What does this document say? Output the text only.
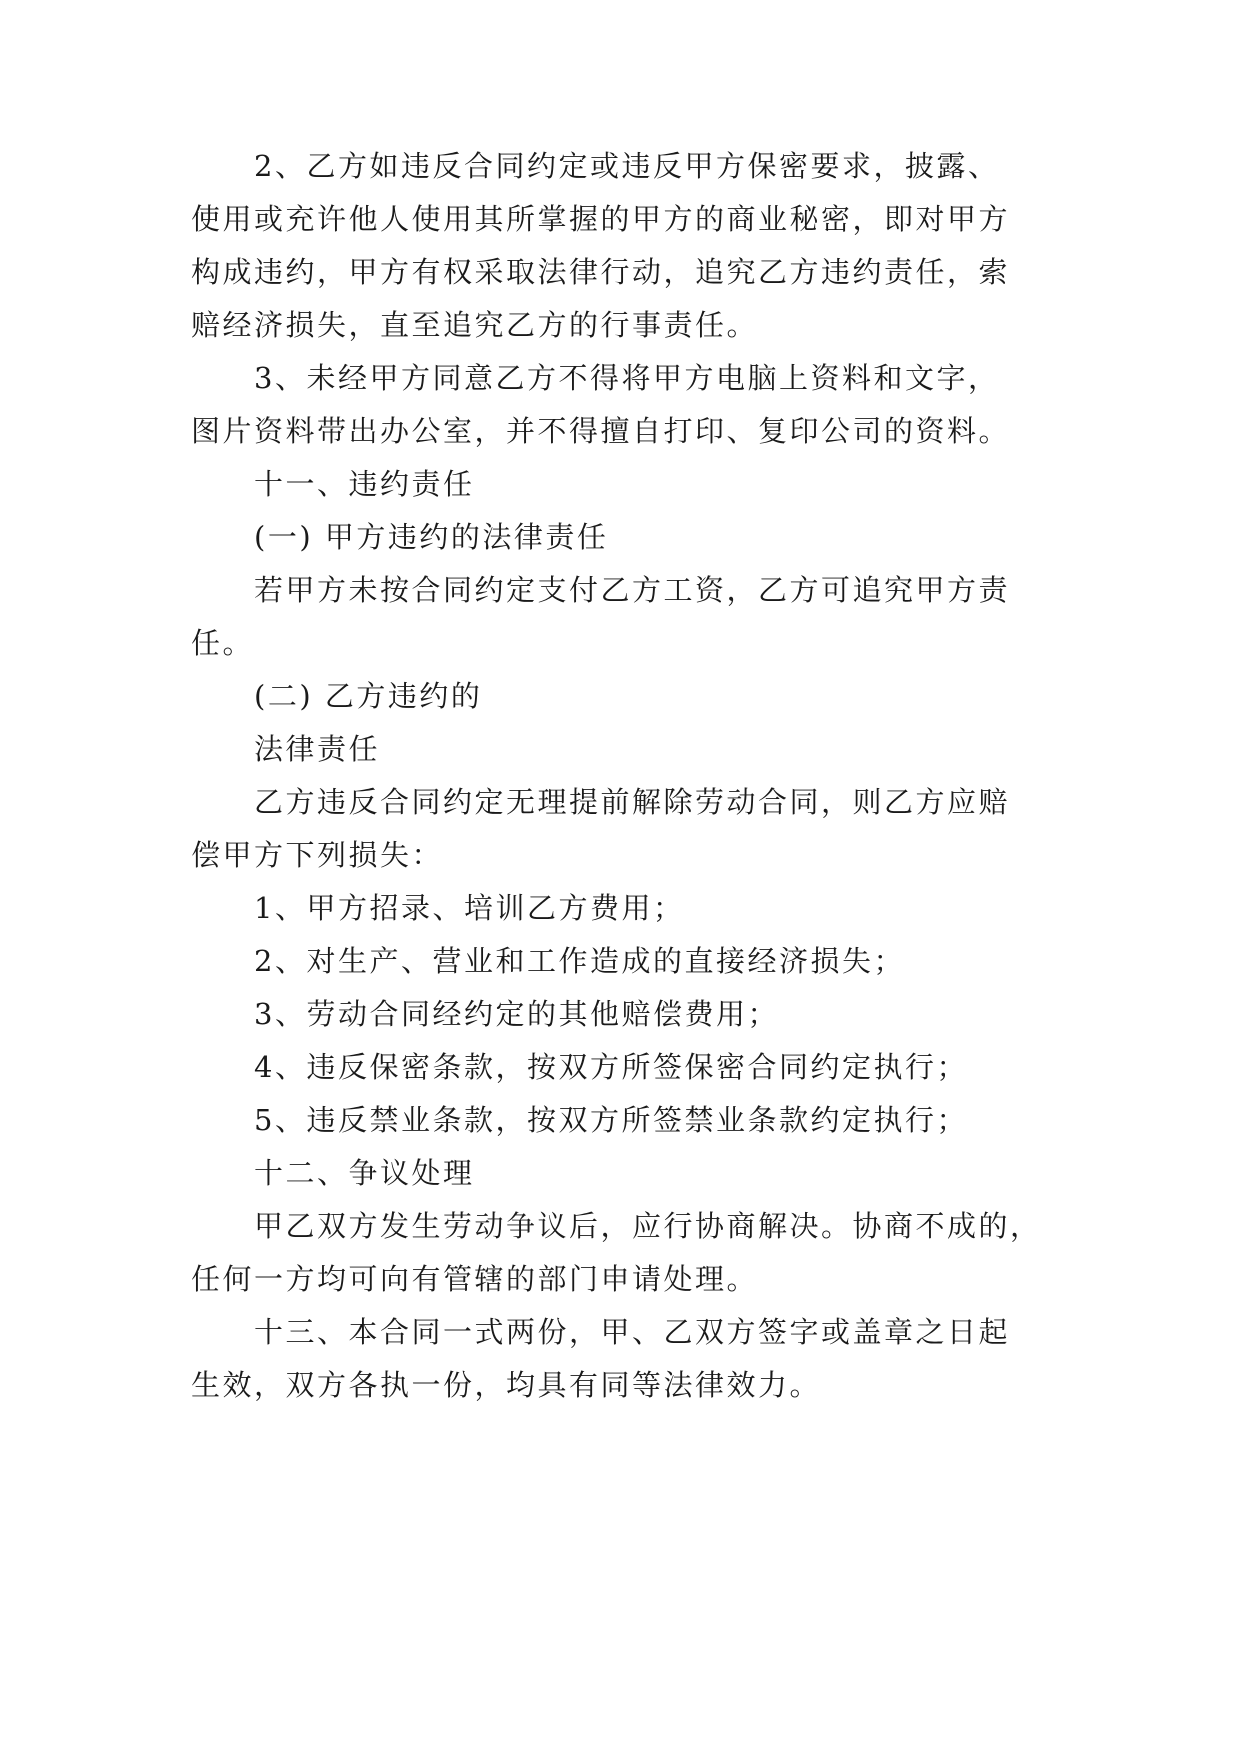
2、乙方如违反合同约定或违反甲方保密要求，披露、

使用或充许他人使用其所掌握的甲方的商业秘密，即对甲方

构成违约，甲方有权采取法律行动，追究乙方违约责任，索

赔经济损失，直至追究乙方的行事责任。

3、未经甲方同意乙方不得将甲方电脑上资料和文字，

图片资料带出办公室，并不得擅自打印、复印公司的资料。

十一、违约责任

(一) 甲方违约的法律责任

若甲方未按合同约定支付乙方工资，乙方可追究甲方责

任。

(二) 乙方违约的

法律责任

乙方违反合同约定无理提前解除劳动合同，则乙方应赔

偿甲方下列损失：

1、甲方招录、培训乙方费用；

2、对生产、营业和工作造成的直接经济损失；

3、劳动合同经约定的其他赔偿费用；

4、违反保密条款，按双方所签保密合同约定执行；

5、违反禁业条款，按双方所签禁业条款约定执行；

十二、争议处理

甲乙双方发生劳动争议后，应行协商解决。协商不成的，

任何一方均可向有管辖的部门申请处理。

十三、本合同一式两份，甲、乙双方签字或盖章之日起

生效，双方各执一份，均具有同等法律效力。
